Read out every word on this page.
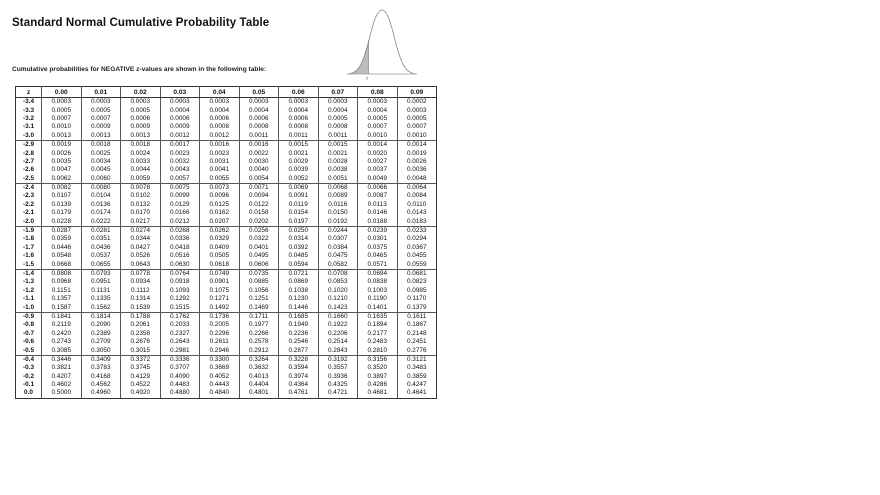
Standard Normal Cumulative Probability Table
z
Cumulative probabilities for NEGATIVE z-values are shown in the following table:
z	0.00	0.01	0.02	0.03	0.04	0.05	0.06	0.07	0.08	0.09
-3.4	0.0003	0.0003	0.0003	0.0003	0.0003	0.0003	0.0003	0.0003	0.0003	0.0002
-3.3	0.0005	0.0005	0.0005	0.0004	0.0004	0.0004	0.0004	0.0004	0.0004	0.0003
-3.2	0.0007	0.0007	0.0006	0.0006	0.0006	0.0006	0.0006	0.0005	0.0005	0.0005
-3.1	0.0010	0.0009	0.0009	0.0009	0.0008	0.0008	0.0008	0.0008	0.0007	0.0007
-3.0	0.0013	0.0013	0.0013	0.0012	0.0012	0.0011	0.0011	0.0011	0.0010	0.0010
-2.9	0.0019	0.0018	0.0018	0.0017	0.0016	0.0016	0.0015	0.0015	0.0014	0.0014
-2.8	0.0026	0.0025	0.0024	0.0023	0.0023	0.0022	0.0021	0.0021	0.0020	0.0019
-2.7	0.0035	0.0034	0.0033	0.0032	0.0031	0.0030	0.0029	0.0028	0.0027	0.0026
-2.6	0.0047	0.0045	0.0044	0.0043	0.0041	0.0040	0.0039	0.0038	0.0037	0.0036
-2.5	0.0062	0.0060	0.0059	0.0057	0.0055	0.0054	0.0052	0.0051	0.0049	0.0048
-2.4	0.0082	0.0080	0.0078	0.0075	0.0073	0.0071	0.0069	0.0068	0.0066	0.0064
-2.3	0.0107	0.0104	0.0102	0.0099	0.0096	0.0094	0.0091	0.0089	0.0087	0.0084
-2.2	0.0139	0.0136	0.0132	0.0129	0.0125	0.0122	0.0119	0.0116	0.0113	0.0110
-2.1	0.0179	0.0174	0.0170	0.0166	0.0162	0.0158	0.0154	0.0150	0.0146	0.0143
-2.0	0.0228	0.0222	0.0217	0.0212	0.0207	0.0202	0.0197	0.0192	0.0188	0.0183
-1.9	0.0287	0.0281	0.0274	0.0268	0.0262	0.0256	0.0250	0.0244	0.0239	0.0233
-1.8	0.0359	0.0351	0.0344	0.0336	0.0329	0.0322	0.0314	0.0307	0.0301	0.0294
-1.7	0.0446	0.0436	0.0427	0.0418	0.0409	0.0401	0.0392	0.0384	0.0375	0.0367
-1.6	0.0548	0.0537	0.0526	0.0516	0.0505	0.0495	0.0485	0.0475	0.0465	0.0455
-1.5	0.0668	0.0655	0.0643	0.0630	0.0618	0.0606	0.0594	0.0582	0.0571	0.0559
-1.4	0.0808	0.0793	0.0778	0.0764	0.0749	0.0735	0.0721	0.0708	0.0694	0.0681
-1.3	0.0968	0.0951	0.0934	0.0918	0.0901	0.0885	0.0869	0.0853	0.0838	0.0823
-1.2	0.1151	0.1131	0.1112	0.1093	0.1075	0.1056	0.1038	0.1020	0.1003	0.0985
-1.1	0.1357	0.1335	0.1314	0.1292	0.1271	0.1251	0.1230	0.1210	0.1190	0.1170
-1.0	0.1587	0.1562	0.1539	0.1515	0.1492	0.1469	0.1446	0.1423	0.1401	0.1379
-0.9	0.1841	0.1814	0.1788	0.1762	0.1736	0.1711	0.1685	0.1660	0.1635	0.1611
-0.8	0.2119	0.2090	0.2061	0.2033	0.2005	0.1977	0.1949	0.1922	0.1894	0.1867
-0.7	0.2420	0.2389	0.2358	0.2327	0.2296	0.2266	0.2236	0.2206	0.2177	0.2148
-0.6	0.2743	0.2709	0.2676	0.2643	0.2611	0.2578	0.2546	0.2514	0.2483	0.2451
-0.5	0.3085	0.3050	0.3015	0.2981	0.2946	0.2912	0.2877	0.2843	0.2810	0.2776
-0.4	0.3446	0.3409	0.3372	0.3336	0.3300	0.3264	0.3228	0.3192	0.3156	0.3121
-0.3	0.3821	0.3783	0.3745	0.3707	0.3669	0.3632	0.3594	0.3557	0.3520	0.3483
-0.2	0.4207	0.4168	0.4129	0.4090	0.4052	0.4013	0.3974	0.3936	0.3897	0.3859
-0.1	0.4602	0.4562	0.4522	0.4483	0.4443	0.4404	0.4364	0.4325	0.4286	0.4247
0.0	0.5000	0.4960	0.4920	0.4880	0.4840	0.4801	0.4761	0.4721	0.4681	0.4641
